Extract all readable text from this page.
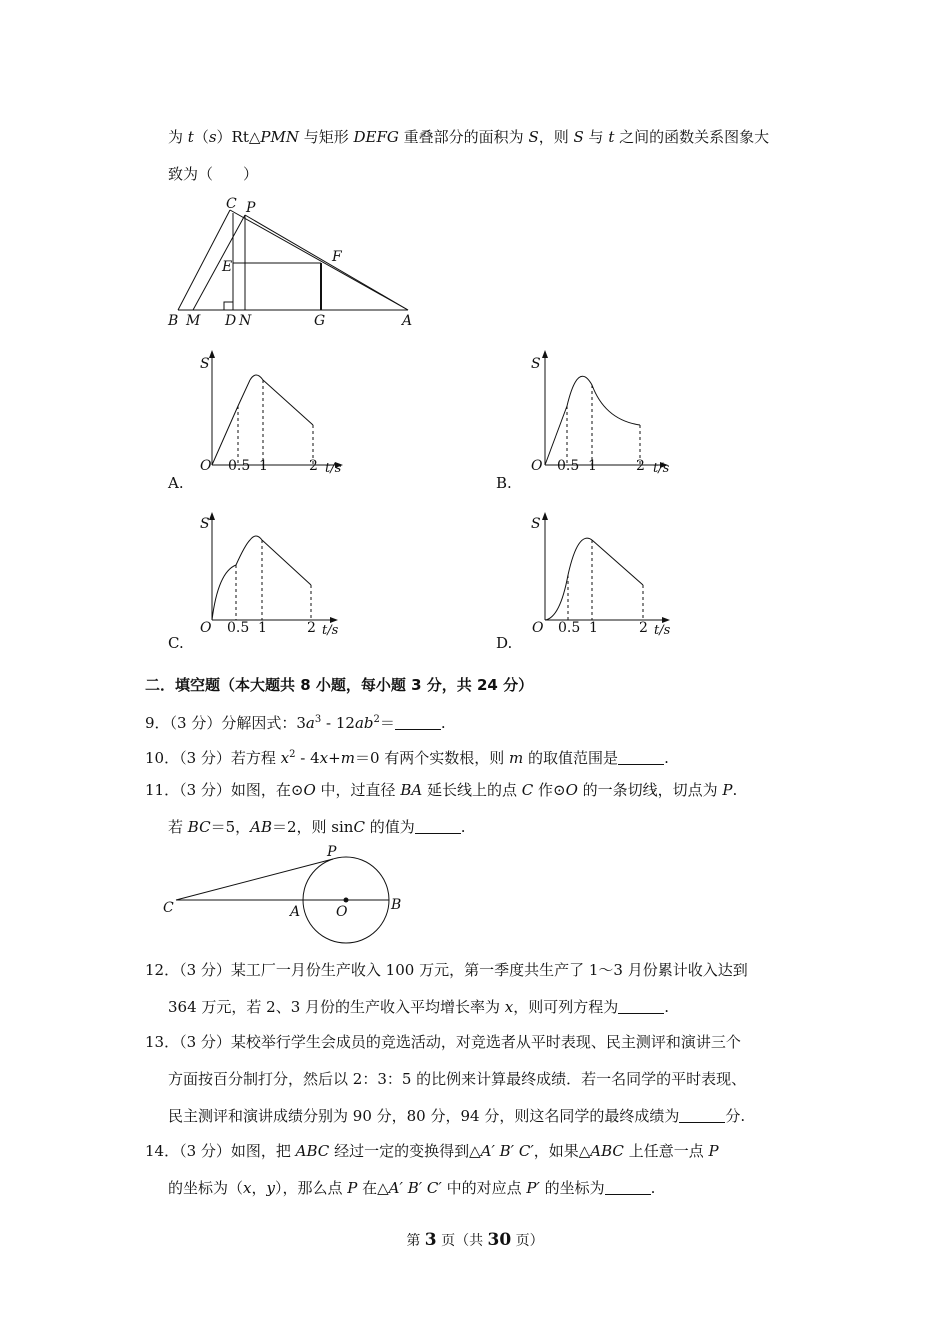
为 t（s）Rt△PMN 与矩形 DEFG 重叠部分的面积为 S，则 S 与 t 之间的函数关系图象大
致为（　　）
C P
E
F
B M D N	G	A
S
O 0.5 1	2 t/s
A.
S
O 0.5 1	2 t/s
B.
S
O 0.5 1	2 t/s
C.
S
O 0.5 1	2 t/s
D.
二．填空题（本大题共 8 小题，每小题 3 分，共 24 分）
9．（3 分）分解因式：$3a^3 - 12ab^2=$	.
10．（3 分）若方程 $x^2 - 4x+m=0$ 有两个实数根，则 m 的取值范围是	.
11．（3 分）如图，在⊙O 中，过直径 BA 延长线上的点 C 作⊙O 的一条切线，切点为 P.
若 BC＝5，AB＝2，则 sinC 的值为	.
P
C	A	O	B
12．（3 分）某工厂一月份生产收入 100 万元，第一季度共生产了 1～3 月份累计收入达到
364 万元，若 2、3 月份的生产收入平均增长率为 x，则可列方程为	.
13．（3 分）某校举行学生会成员的竞选活动，对竞选者从平时表现、民主测评和演讲三个
方面按百分制打分，然后以 2：3：5 的比例来计算最终成绩．若一名同学的平时表现、
民主测评和演讲成绩分别为 90 分，80 分，94 分，则这名同学的最终成绩为	分.
14．（3 分）如图，把 ABC 经过一定的变换得到△A′ B′ C′，如果△ABC 上任意一点 P
的坐标为（x，y），那么点 P 在△A′ B′ C′ 中的对应点 P′ 的坐标为	.
第 3 页（共 30 页）
